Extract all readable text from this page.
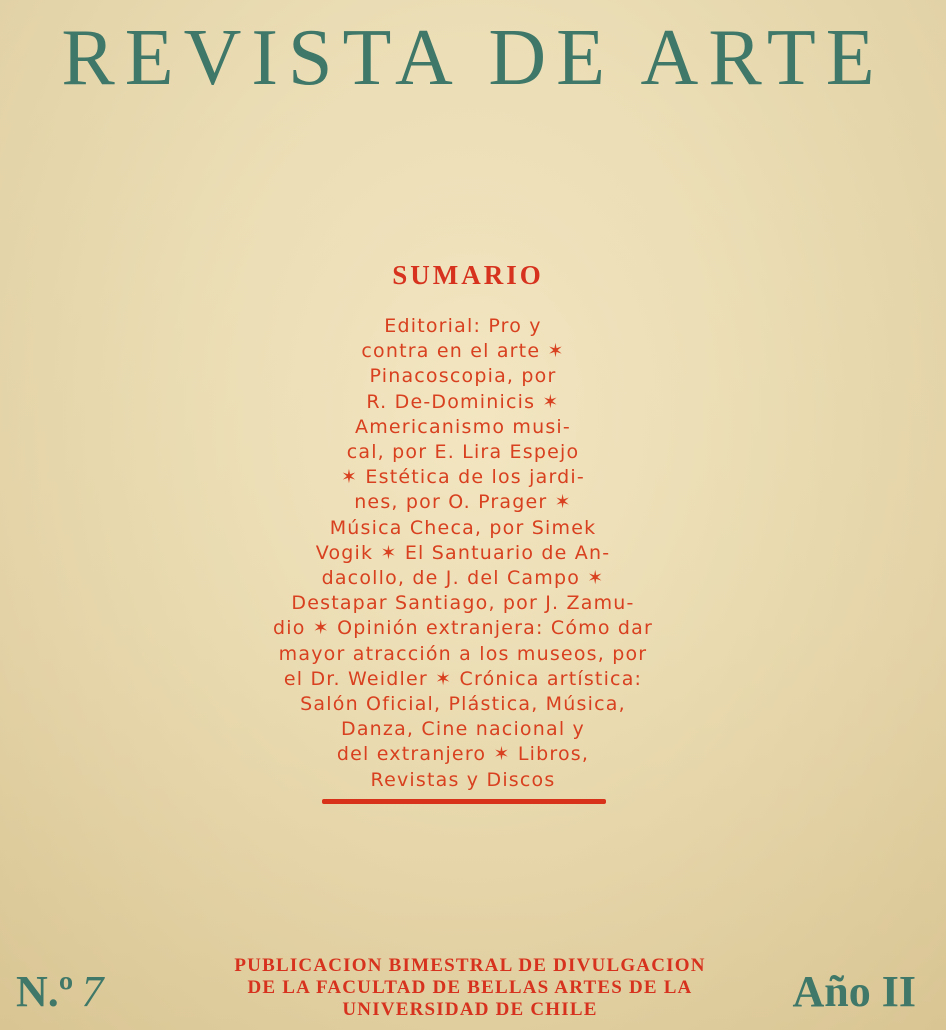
REVISTA DE ARTE
SUMARIO
Editorial: Pro y
contra en el arte ✶
Pinacoscopia, por
R. De-Dominicis ✶
Americanismo musi-
cal, por E. Lira Espejo
✶ Estética de los jardi-
nes, por O. Prager ✶
Música Checa, por Simek
Vogik ✶ El Santuario de An-
dacollo, de J. del Campo ✶
Destapar Santiago, por J. Zamu-
dio ✶ Opinión extranjera: Cómo dar
mayor atracción a los museos, por
el Dr. Weidler ✶ Crónica artística:
Salón Oficial, Plástica, Música,
Danza, Cine nacional y
del extranjero ✶ Libros,
Revistas y Discos
N.º 7
PUBLICACION BIMESTRAL DE DIVULGACION
DE LA FACULTAD DE BELLAS ARTES DE LA
UNIVERSIDAD DE CHILE	Año II
